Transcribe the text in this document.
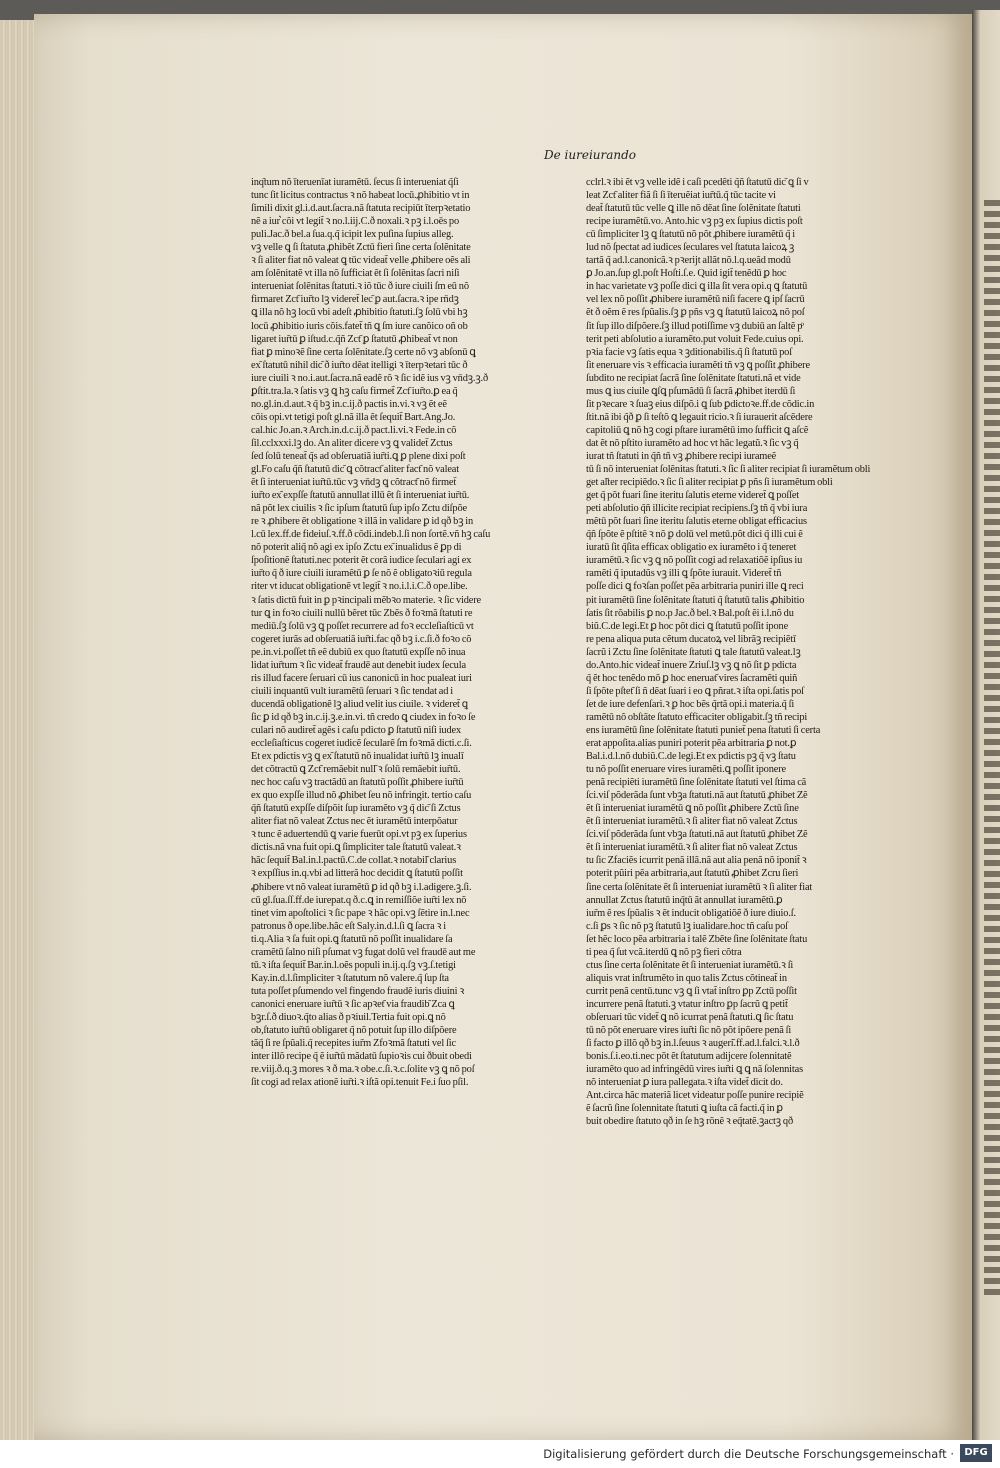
De iureiurando
inq͂tum nõ īteruenīat iuramẽtū. ſecus ſi interueniat q̃ſi
tunc ſit licitus contractus ꝛ nõ habeat locū.ꝓhibitio vt in
ſimili dixit gl.i.d.aut.ſacra.nã ſtatuta recipiūt īterpꝛetatio
nẽ a iur͛ cõi vt legit̃ ꝛ no.l.iij.C.ð noxali.ꝛ pꝫ i.l.oēs po
puli.Jac.ð bel.a ſua.q.q̃ icipit lex puſina ſupius alleg.
vꝫ velle ꝗ ſi ſtatuta ꝓhibẽt Zctū fieri ſine certa ſolẽnitate
ꝛ ſi aliter fiat nõ valeat ꝗ tūc videat̃ velle ꝓhibere oẽs ali
am ſolẽnitatẽ vt illa nõ ſufficiat ẽt ſi ſolẽnitas ſacri niſi
interueniat ſolẽnitas ſtatuti.ꝛ iõ tūc ð iure ciuili ſm eū nõ
firmaret Zct͂ iur̃to lꝫ videret̃ lec͂ ꝑ aut.ſacra.ꝛ ipe rn̄dꝫ
ꝗ illa nõ hꝫ locū vbi adeſt ꝓhibitio ſtatuti.ſꝫ ſolū vbi hꝫ
locū ꝓhibitio iuris cõis.fatet̃ tñ ꝗ ſm iure canõico oñ ob
ligaret iur̃tū ꝑ iſtud.c.q̃ñ Zct͂ ꝑ ſtatutū ꝓhibeat̃ vt non
fiat ꝑ minoꝛẽ ſine certa ſolẽnitate.ſꝫ certe nõ vꝫ abſonū ꝗ
ex͂ ſtatutū nihil dic͂ ð iur̃to dẽat itelligi ꝛ īterpꝛetari tūc ð
iure ciuili ꝛ no.i.aut.ſacra.nã eadẽ rõ ꝛ ſic idẽ ius vꝫ vn̄dꝫ.ꝫ.ð
ꝑſtit.tra.la.ꝛ ſatis vꝫ ꝗ hꝫ caſu firmet̃ Zct͂ iur̃to.ꝑ ea q̃
no.gl.in.d.aut.ꝛ q̃ bꝫ in.c.ij.ð pactis in.vi.ꝛ vꝫ ẽt eẽ
cõis opi.vt tetigi poſt gl.nã illa ẽt ſequit̃ Bart.Ang.Jo.
cal.hic Jo.an.ꝛ Arch.in.d.c.ij.ð pact.li.vi.ꝛ Fede.in cõ
ſil.cclxxxi.lꝫ do. An aliter dicere vꝫ ꝗ validet̃ Zctus
ſed ſolū teneat̃ q̃s ad obſeruatiã iur̃ti.ꝗ ꝑ plene dixi poſt
gl.Fo caſu q̃ñ ſtatutū dic͂ ꝗ cõtract͂ aliter fact͂ nõ valeat
ẽt ſi interueniat iur̃tū.tūc vꝫ vn̄dꝫ ꝗ cõtract͂ nõ firmet̃
iur̃to ex͂ expſſe ſtatutū annullat illū ẽt ſi interueniat iur̃tū.
nã põt lex ciuilis ꝛ ſic ipſum ſtatutū ſup ipſo Zctu diſpõe
re ꝛ ꝓhibere ẽt obligatione ꝛ illã in validare ꝑ id qð bꝫ in
l.cū lex.ff.de fideiuſ.ꝛ.ff.ð cõdi.indeb.l.ſi non ſortẽ.vñ hꝫ caſu
nõ poterit aliq̃ nõ agi ex ipſo Zctu ex͂ inualidus ẽ ꝑp di
ſpoſitionẽ ſtatuti.nec poterit ẽt corã iudice ſeculari agi ex
iur̃to q̃ ð iure ciuili iuramẽtū ꝑ ſe nõ ẽ obligatoꝛiū regula
riter vt iducat obligationẽ vt legit̃ ꝛ no.i.l.i.C.ð ope.libe.
ꝛ ſatis dictū fuit in ꝑ pꝛincipali mẽbꝛo materie. ꝛ ſic videre
tur ꝗ in foꝛo ciuili nullū bẽret tūc Zbẽs ð foꝛmã ſtatuti re
mediū.ſꝫ ſolū vꝫ ꝗ poſſet recurrere ad foꝛ eccleſiaſticū vt
cogeret iurãs ad obſeruatiã iur̃ti.fac qð bꝫ i.c.ſi.ð foꝛo cõ
pe.in.vi.poſſet tñ eẽ dubiū ex quo ſtatutū expſſe nõ inua
lidat iur̃tum ꝛ ſic videat̃ fraudē aut denebit iudex ſecula
ris illud facere ſeruari cū ius canonicū in hoc pualeat iuri
ciuili inquantū vult iuramẽtū ſeruari ꝛ ſic tendat ad i
ducendã obligationẽ lꝫ aliud velit ius ciuile. ꝛ videret̃ ꝗ
ſic ꝑ id qð bꝫ in.c.ij.ꝫ.e.in.vi. tñ credo ꝗ ciudex in foꝛo ſe
culari nõ audiret̃ agẽs i caſu pdicto ꝑ ſtatutū niſi iudex
eccleſiaſticus cogeret iudicẽ ſecularẽ ſm foꝛmã dicti.c.ſi.
Et ex pdictis vꝫ ꝗ ex͂ ſtatutū nõ inualidat iur̃tū lꝫ inualī
det cõtractū ꝗ Zct͂ remãebit null͂ ꝛ ſolū remãebit iur̃tū.
nec hoc caſu vꝫ tractãdū an ſtatutū poſſit ꝓhibere iur̃tū
ex quo expſſe illud nõ ꝓhibet ſeu nõ infringit. tertio caſu
q̃ñ ſtatutū expſſe diſpõit ſup iuramẽto vꝫ q̃ dic͂ ſi Zctus
aliter fiat nõ valeat Zctus nec ẽt iuramẽtū interpõatur
ꝛ tunc ẽ aduertendū ꝗ varie fuerūt opi.vt pꝫ ex ſuperius
dictis.nã vna fuit opi.ꝗ ſimpliciter tale ſtatutū valeat.ꝛ
hãc ſequit̃ Bal.in.l.pactū.C.de collat.ꝛ notabil͂ clarius
ꝛ expſſius in.q.vbi ad litterã hoc decidit ꝗ ſtatutū poſſit
ꝓhibere vt nõ valeat iuramẽtū ꝑ id qð bꝫ i.l.adigere.ꝫ.ſi.
cū gl.ſua.ſſ.ff.de iurepat.q ð.c.ꝗ in remiſſiõe iur̃ti lex nõ
tinet vim apoſtolici ꝛ ſic pape ꝛ hãc opi.vꝫ ſẽtire in.l.nec
patronus ð ope.libe.hãc eſt Saly.in.d.l.ſi ꝗ ſacra ꝛ i
ti.q.Alia ꝛ ſa fuit opi.ꝗ ſtatutū nõ poſſit inualidare ſa
cramẽtū ſalno niſi pſumat vꝫ fugat dolũ vel fraudē aut me
tū.ꝛ iſta ſequit̃ Bar.in.l.oẽs populi in.ij.q.ſꝫ vꝫ.ſ.tetigi
Kay.in.d.l.ſimpliciter ꝛ ſtatutum nõ valere.q̃ ſup ſta
tuta poſſet pſumendo vel fingendo fraudẽ iuris diuini ꝛ
canonici eneruare iur̃tū ꝛ ſic apꝛet͂ via fraudib͂ Zca ꝗ
bꝫr.ſ.ð diuoꝛ.q̃to alias ð pꝛiuil.Tertia fuit opi.ꝗ nõ
ob,ſtatuto iur̃tū obligaret q̃ nõ potuit ſup illo diſpõere
tãq̃ ſi re ſpũali.q̃ recepites iur̃m Zfoꝛmã ſtatuti vel ſic
inter illõ recipe q̃ ẽ iur̃tū mãdatū ſupioꝛis cui ðbuit obedi
re.viij.ð.q.ꝫ mores ꝛ ð ma.ꝛ obe.c.ſi.ꝛ.c.ſolite vꝫ ꝗ nõ poſ
ſit cogi ad relax ationẽ iur̃ti.ꝛ iſtã opi.tenuit Fe.i ſuo pſil.
cclrl.ꝛ ibi ẽt vꝫ velle idẽ i caſi pcedẽti q̃ñ ſtatutū dic͂ ꝗ ſi v
leat Zct͂ aliter fiã ſi ſi īteruẽiat iur̃tū.q̃ tūc tacite vi
deat̃ ſtatutū tūc velle ꝗ ille nõ dẽat ſine ſolẽnitate ſtatuti
recipe iuramẽtū.vo. Anto.hic vꝫ pꝫ ex ſupius dictis poſt
cū ſimpliciter lꝫ ꝗ ſtatutū nõ põt ꝓhibere iuramẽtū q̃ i
lud nõ ſpectat ad iudices ſeculares vel ſtatuta laicoꝝ ꝫ
tartã q̃ ad.l.canonicã.ꝛ pꝛerijt allãt nõ.l.q.ueãd modū
ꝑ Jo.an.ſup gl.poſt Hoſti.ſ.e. Quid igit̃ tenẽdū ꝑ hoc
in hac varietate vꝫ poſſe dici ꝗ illa ſit vera opi.q ꝗ ſtatutū
vel lex nõ poſſit ꝓhibere iuramẽtū niſi facere ꝗ ipſ ſacrū
ẽt ð oẽm ẽ res ſpũalis.ſꝫ ꝑ pñs vꝫ ꝗ ſtatutū laicoꝝ nõ poſ
ſit ſup illo diſpõere.ſꝫ illud potiſſime vꝫ dubiū an ſaltẽ pͦ
terit peti abſolutio a iuramẽto.put voluit Fede.cuius opi.
pꝛia facie vꝫ ſatis equa ꝛ ꝫditionabilis.q̃ ſi ſtatutū poſ
ſit eneruare vis ꝛ efficacia iuramẽti tñ vꝫ ꝗ poſſit ꝓhibere
ſubdito ne recipiat ſacrã ſine ſolẽnitate ſtatuti.nã et vide
mus ꝗ ius ciuile ꝗſꝗ pſumãdū ſi ſacrã ꝓhibet iterdū ſi
ſit pꝛecare ꝛ ſuaꝫ eius diſpõ.i ꝗ ſub ꝑdictoꝛe.ff.de cõdic.in
ſtit.nã ibi q̃ð ꝑ ſi teſtõ ꝗ legauit ricio.ꝛ ſi iurauerit aſcẽdere
capitoliū ꝗ nõ hꝫ cogi pſtare iuramẽtū imo ſufficit ꝗ aſcẽ
dat ẽt nõ pſtito iuramẽto ad hoc vt hãc legatũ.ꝛ ſic vꝫ q̃
iurat tñ ſtatuti in q̃ñ tñ vꝫ ꝓhibere recipi iurameẽ
tū ſi nõ interueniat ſolẽnitas ſtatuti.ꝛ ſic ſi aliter recipiat ſi iuramẽtum obli
get al͂ter recipiẽdo.ꝛ ſic ſi aliter recipiat ꝑ pñs ſi iuramẽtum obli
get q̃ põt fuari ſine iteritu ſalutis eterne videret̃ ꝗ poſſet
peti abſolutio q̃ñ illicite recipiat recipiens.ſꝫ tñ q̃ vbi iura
mẽtū põt ſuari ſine iteritu ſalutis eterne obligat efficacius
q̃ñ ſpõte ẽ pſtitẽ ꝛ nõ ꝑ dolū vel metū.põt dici q̃ illi cui ẽ
iuratū ſit q̃ſita efficax obligatio ex iuramẽto i q̃ teneret
iuramẽtū.ꝛ ſic vꝫ ꝗ nõ poſſit cogi ad relaxatiõẽ ipſius iu
ramẽti q̃ iputadũs vꝫ illi ꝗ ſpõte iurauit. Videret̃ tñ
poſſe dici ꝗ foꝛſan poſſet pẽa arbitraria puniri ille ꝗ reci
pit iuramẽtū ſine ſolẽnitate ſtatuti q̃ ſtatutū talis ꝓhibitio
ſatis ſit rõabilis ꝑ no.p Jac.ð bel.ꝛ Bal.poſt ẽi i.l.nõ du
biũ.C.de legi.Et ꝑ hoc põt dici ꝗ ſtatutū poſſit ipone
re pena aliqua puta cẽtum ducatoꝝ vel librãꝫ recipiẽtī
ſacrũ i Zctu ſine ſolẽnitate ſtatuti ꝗ tale ſtatutū valeat.lꝫ
do.Anto.hic videat̃ inuere Zriuſ.lꝫ vꝫ ꝗ nõ ſit ꝑ pdicta
q̃ ẽt hoc tenẽdo mõ ꝑ hoc eneruat͂ vires ſacramẽti quiñ
ſi ſpõte pſtet͂ ſi ñ dẽat ſuari i eo ꝗ pñrat.ꝛ iſta opi.ſatis poſ
ſet de iure defenſari.ꝛ ꝑ hoc bẽs q̃rtã opi.i materia.q̃ ſi
ramẽtū nõ obſtãte ſtatuto efficaciter obligabit.ſꝫ tñ recipi
ens iuramẽtū ſine ſolẽnitate ſtatuti puniet̃ pena ſtatuti ſi certa
erat appoſita.alias puniri poterit pẽa arbitraria ꝑ not.ꝑ
Bal.i.d.l.nõ dubiũ.C.de legi.Et ex pdictis pꝫ q̃ vꝫ ſtatu
tu nõ poſſit eneruare vires iuramẽti.ꝗ poſſit iponere
penã recipiẽti iuramẽtū ſine ſolẽnitate ſtatuti vel ſtima cã
ſci.viſ põderãda ſunt vbꝫa ſtatuti.nã aut ſtatutū ꝓhibet Zẽ
ẽt ſi interueniat iuramẽtū ꝗ nõ poſſit ꝓhibere Zctū ſine
ẽt ſi interueniat iuramẽtū.ꝛ ſi aliter fiat nõ valeat Zctus
ſci.viſ põderãda ſunt vbꝫa ſtatuti.nã aut ſtatutū ꝓhibet Zẽ
ẽt ſi interueniat iuramẽtū.ꝛ ſi aliter fiat nõ valeat Zctus
tu ſic Zfaciẽs icurrit penã illã.nã aut alia penã nõ iponit̃ ꝛ
poterit pũiri pẽa arbitraria,aut ſtatutū ꝓhibet Zcru ſieri
ſine certa ſolẽnitate ẽt ſi interueniat iuramẽtū ꝛ ſi aliter fiat
annullat Zctus ſtatutū inq̃tū ãt annullat iuramẽtū.ꝑ
iur̃m ẽ res ſpũalis ꝛ ẽt inducit obligatiõẽ ð iure diuio.ſ.
c.ſi ꝑs ꝛ ſic nõ pꝫ ſtatutū lꝫ iualidare.hoc tñ caſu poſ
ſet hẽc loco pẽa arbitraria i talẽ Zbẽte ſine ſolẽnitate ſtatu
ti pea q̃ ſut vcã.iterdū ꝗ nõ pꝫ fieri cõtra
ctus ſine certa ſolẽnitate ẽt ſi interueniat iuramẽtū.ꝛ ſi
aliquis vrat inſtrumẽto in quo talis Zctus cõtineat̃ in
currit penã centū.tunc vꝫ ꝗ ſi vtat̃ inſtro ꝑp Zctū poſſit
incurrere penã ſtatuti.ꝫ vtatur inſtro ꝑp ſacrũ ꝗ petit̃
obſeruari tūc videt̃ ꝗ nõ icurrat penã ſtatuti.ꝗ ſic ſtatu
tū nõ põt eneruare vires iur̃ti ſic nõ põt ipõere penã ſi
ſi facto ꝑ illõ qð bꝫ in.l.ſeuus ꝛ augeri͂.ff.ad.l.falci.ꝛ.l.ð
bonis.ſ.i.eo.ti.nec põt ẽt ſtatutum adijcere ſolennitatẽ
iuramẽto quo ad infringẽdũ vires iur̃ti ꝗ ꝗ nã ſolennitas
nõ interueniat ꝑ iura pallegata.ꝛ iſta videt̃ dicit do.
Ant.circa hãc materiã licet videatur poſſe punire recipiẽ
ẽ ſacrũ ſine ſolennitate ſtatuti ꝗ iuſta cã facti.q̃ in ꝑ
buit obedire ſtatuto qð in ſe hꝫ rõnẽ ꝛ eq̃tatẽ.ꝫactꝫ qð
Digitalisierung gefördert durch die Deutsche Forschungsgemeinschaft ·	DFG
